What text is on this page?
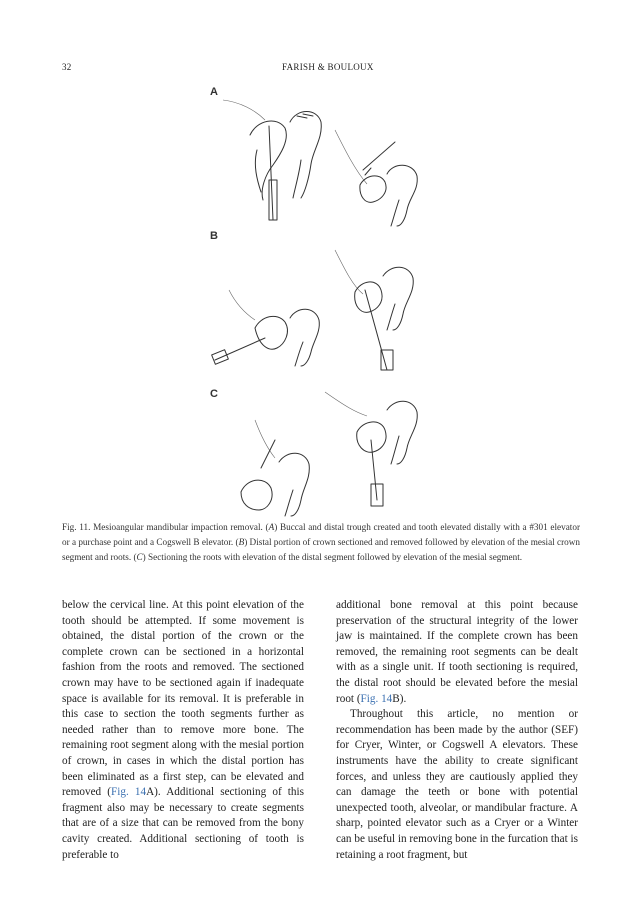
32	FARISH & BOULOUX
A
B
C
Fig. 11. Mesioangular mandibular impaction removal. (A) Buccal and distal trough created and tooth elevated distally with a #301 elevator or a purchase point and a Cogswell B elevator. (B) Distal portion of crown sectioned and removed followed by elevation of the mesial crown segment and roots. (C) Sectioning the roots with elevation of the distal segment followed by elevation of the mesial segment.

below the cervical line. At this point elevation of the tooth should be attempted. If some movement is obtained, the distal portion of the crown or the complete crown can be sectioned in a horizontal fashion from the roots and removed. The sectioned crown may have to be sectioned again if inadequate space is available for its removal. It is preferable in this case to section the tooth segments further as needed rather than to remove more bone. The remaining root segment along with the mesial portion of crown, in cases in which the distal portion has been eliminated as a first step, can be elevated and removed (Fig. 14A). Additional sectioning of this fragment also may be necessary to create segments that are of a size that can be removed from the bony cavity created. Additional sectioning of tooth is preferable to

additional bone removal at this point because preservation of the structural integrity of the lower jaw is maintained. If the complete crown has been removed, the remaining root segments can be dealt with as a single unit. If tooth sectioning is required, the distal root should be elevated before the mesial root (Fig. 14B).

Throughout this article, no mention or recommendation has been made by the author (SEF) for Cryer, Winter, or Cogswell A elevators. These instruments have the ability to create significant forces, and unless they are cautiously applied they can damage the teeth or bone with potential unexpected tooth, alveolar, or mandibular fracture. A sharp, pointed elevator such as a Cryer or a Winter can be useful in removing bone in the furcation that is retaining a root fragment, but
